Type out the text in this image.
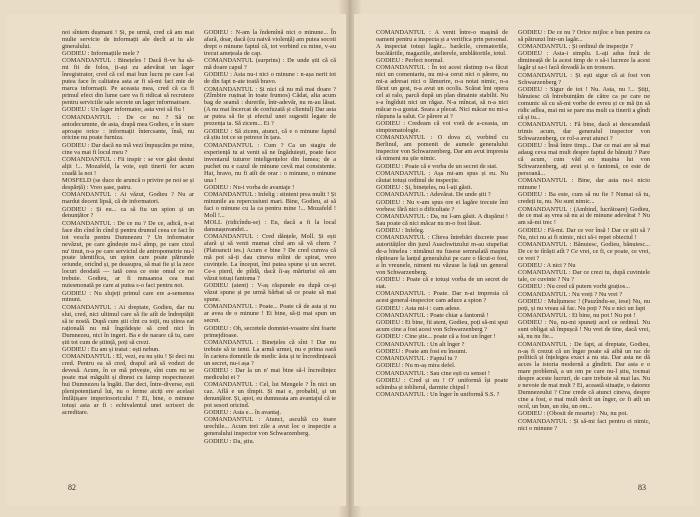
noi sîntem dușmani ! Și, pe urmă, cred că am mai multe servicie de informații ale decît ai tu ale gineralului.

GODIEU : Informațiile mele ?

COMANDANTUL : Binețeles ! Dacă fi-ve ha să-mi fii de folos, ți-ași zu adevărat un lager înregistrator, cred că cel mai bun lucru pe care l-ai putea face în calitatea asta ar fi să-mi faci mie de marca informații. Pe aceasta mea, cred că ca fi primul efect din lume care va fi ridicat să recruteze pentru serviciile sale secrete un lager informatoare.

GODIEU : Un lager informator, asta vrei să fiu !

COMANDANTUL : De ce nu ? Să ne antodecumnte, de asta, drapă mea Godieu, e în stare aproape orice : informații întercsante, însă, nu oricine nu poate furniza.

GODIEU : Dar dacă nu mă vezi împușcăm pe mine, cine va mai fi locul meu ?

COMANDANTUL : Fii inspir : se vor găsi destui alții !... Mozafeld, la voie, ești tinerii fer acum coadă la noi !

MOSFELD (se duce de aruncă o privire pe noi se și despărță) : Vreo șase, patru.

COMANDANTUL : Ai văzut, Godieu ? Nu ar mardut decent lipsă, că de informatori.

GODIEU : Și eu... ca să fiu un spion și un denunțător ?

COMANDANTUL : De ce nu ? De ce, adică, n-ai face din cînd în cînd ți pentru drumul ceea ce faci în tot vesclu pentru Dumnezeu ? Un informator nevăzut, pe care gîndește nu-l aîmp, pe care cizul nu' tinut, n-a pe care serviciul de antropometrie nu-l poate identifica, un spion care poate pătrunde oriunde, oricînd și, pe deasupra, să mai fie și la zece locuri deodată — iată ceea ce este omul ce ne trebuie. Godieu, ar fi mmaanoa cea mai nuiesmonată pe care ai putea s-o faci pentru noi.

GODIEU : Nu slujeți primul care ere a-semenea minuni.

COMANDANTUL : Ai dreptate, Godieu, dar nu slut, cred, nici ultimul care să fie atît de îndreptățit să te nostă. După cum știi cînt cu toții, nu știrea eat rațională nu mă îngrădește să cred nici în Dumnezeu, nici în ingeri. Ba e de narare că tu, care știi tot cum de știință, poți să crezi.

GODIEU : Eu am și tratat : ești nebun.

COMANDANTUL : El, vezi, eu nu știu ! Și deci nu cred. Pentru ea să cred, drapul ară să vodezi de devesă. Acum, în ce mă privește, sînt cum nu se poate mai măgulit și dinnst cu faimp respectuozei hui Dumnezeu la îngăti. Dar deci, între-diverse, ești plenipotențiarul lui, nu o ferme aiciți ere același îmfățișare imperiosoricului ? Ei, bine, o minune totuși asta ar fi : echivalentul unei scrisori de acreditare.

GODIEU : N-am la îndemînă nici o minune... În afară, doar, dacă (cu naivă violență) am putea socoti drept o minune faptul că, tot vorbind cu mine, v-au trecut amețeala de cap.

COMANDANTUL (surprins) : De unde știi că că mă doare capul ?

GODIEU : Asta nu-i nici o minune : n-așa nerit tot de din fapt n-ate toată bravo.

COMANDANTUL : Și nici că nu mă mai doare ? (Zîmbire rușinat în toate frumos) Cădat, alta acum bag de seamă : durerile, într-adevăr, nu m-au lăsat. (A nu mai încercat de confuzată și clientul) Dar asta ar putea să fie și efectul unei sugestii legate de prezența ta. Să zicem... Ei ?

GODIEU : Să zicem, atunci, că e o minune faptul că știu tot ce se petrece în țara.

COMANDANTUL : Cum ? Ca un stagiu de experiență tu ai venit să ne îngăduiești, poate face inventarul tuturor inteligențelor din lumea; de a puchet nu e cazul de minune cevă mai consistente. Hai, bravo, nu fi atît de orar : o minune, o minune una !

GODIEU : Nu-i vorba de avantaje !

COMANDANTUL : Infelig : stinteni prea multi ! Și minunile au repercusiuni mari. Bine, Godieu, ai să faci o minune cu la ca pentru mine !... Mozafeld ! Moll !...

MOLL (ridicîndu-se) : Eu, dacă a fi la local dansnașuvandei...

COMANDANTUL : Cred dănțele, Moll. Și ești afară și să venii mumai cînd am să vă chem ? (Platoancii ies.) Acum e bine ? De cred cumva că mă pot să-ți dau cineva mîini de spirat, vreo cuvințele. La început, îmi putea spune și un secret. Ce-s pierd, de pildă, dacă îi-aș mărturisi eă am văzut totuși fantoma ?

GODIEU (atent) : V-aș răspunde eu după ce-și văzut spune și pe urmă bărbat să ce poate să mai spune.

COMANDANTUL : Poate... Poate că de asta și nu ar avea de o minune ! Ei bine, să-ți mai spun un secret.

GODIEU : Oh, secretele domniei-voastre sînt foarte primejdioase.

COMANDANTUL : Binețeles că sînt ! Dar nu trebuie să te temi. La armă urmei, nu e prima oară în cariera domniile de medic ăsta și te încredințează un secret, nu-i așa ?

GODIEU : Dar la un n' mai bine să-l încredințez medicului ei ?

COMANDANTUL : Cel, lui Mengele ? În nici un caz. Află e un tîmpit. Și mai e, probabil, și un denunțător. Și, apoi, eu dumneata am avantajul că te pot sesori oricind.

GODIEU : Asta e... în avantaj.

COMANDANTUL : Atunci, ascultă cu toare urechile... Acum trei zile a avut loc o inspecție a generalului inspector von Schwarzenberg.

GODIEU : Da, știu.

82

COMANDANTUL : A venit între-o mașină de oameni pentru a inspecta și a veriifica prin personal. A inspectat totuși lagăr... barăcile, crematoriile, bucătăriile, magaziile, atelierele, umblătoriile, totul.

GODIEU : Perfect normal.

COMANDANTUL : În tot acest răstimp n-a făcut nici un comentariu, nu mi-a cerut nici o părere, nu mi-a adresat nici o lămurire, n-a notat nimic, n-a făcut un gest, n-a avut un ocolis. Scărat îmi opera cel ai ralo, parcă după un plan dinainte stabilit. Nu s-a îngîduit nici un răgaz. N-a mîncat, să n-a nici măcar n-a gustat. Seara a plecat. Nici măcar nu mi-a răspuns la salut. Ce părere ai ?

GODIEU : Credeam că voi voră de a-ceasta, un simptomatologie.

COMANDANTUL : O dova zi, vorbind cu Berlinul, am pomenit de aumele generalului inspector von Schwarzenberg. Dar am avut impresia că nimeni nu știe nimic.

GODIEU : Poate că e vorba de un secret de stat.

COMANDANTUL : Așa mi-am spus și eu. Nu căutat totuși ordinul de inspecție.

GODIEU : Și, binețeles, nu l-ați găsit.

COMANDANTUL : Adevărat. De unde știi ?

GODIEU : Nu v-am spus ore ei lagăre trecute îmi vorbesc fără nici o dificultate ?

COMANDANTUL : Da, nu l-am găsit. A dispărut ! Sau poate că nici măcar nu m-o fost lăsat.

GODIEU : Infeleg.

COMANDANTUL : Cîteva întrebări discrete puse autorităților din jurul Auschwitzului m-au stupefiat de-a binelea : nimănui nu fusese semnalată mașina răpitoare la lanțul generalului pe care o făcut-o fost, a în vreunele, nimeni nu văzuse la față un general von Schwarzenberg.

GODIEU : Poate că e totuși vorba de un secret de stat.

COMANDANTUL : Poate. Dar n-ai impresia că acest general-inspector cam aduce a spion ?

GODIEU : Asta mi-i : cam adese.

COMANDANTUL : Poate chiar a fantomă !

GODIEU : Ei bine, fii atent, Godieu, poți să-mi spui acum cine a fost acest von Schwarzenberg ?

GODIEU : Cine știe... poate că a fost un înger !

COMANDANTUL : Un alt înger ?

GODIEU : Poate am fost eu însumi.

COMANDANTUL : Faptul tu ?

GODIEU : Nu m-aș mira defel.

COMANDANTUL : Sau cine ești cu sensei !

GODIEU : Cred și eu ! O' uniformă își poate schimba și toblierul, darmite chipul !

COMANDANTUL : Un înger în uniformă S.S. ?

GODIEU : De ce nu ? Orice mijloc e bun pentru ca să pătrunzi într-un lagăr...

COMANDANTUL : Și ordinul de inspecție ?

GODIEU : Asta-i simplu. L-ați adus încă de dimineață de la acest timp de o să-i lucreze la acest lagăr și sa-i facă dovadă la un tronson.

COMANDANTUL : Și ești sigur că ai fost von Schwarzenberg ?

GODIEU : Sigur de tot ! Nu. Asta, nu !... Știți, bănuiesc că întrebuințăm de către ca pe care ne comunic să cu să-mi vorbe de evreu și ce mă țin să ridic adlea, mai mi se pare ma mult ca tinerii a gîndi că și tu...

COMANDANTUL : Fă bine, dacă ai deocamdată trimis acum, dar generalul inspector von Schwarzenberg, ce rol-a avut atunci ?

GODIEU : Însă între timp... Dar ce mai are să mai adaug ceva mai mult despre faptul de bănuiți ? Pare că acum, cum văd eu mașina lui von Schwarzenberg, ați avut și o fantomă, ce este de persoană...

COMANDANTUL : Bine, dar asta nu-i nicio minune !

GODIEU : Ba este, cum să nu fie ? Numai că tu, credeți tu, nu. Nu sunt nimic...

COMANDANTUL : (Ambind, lucrătoare) Godieu, de ce mai aș vrea să nu ai de minune adevărat ? Nu am să-mi trec !

GODIEU : Fă-mi. Dar ce vor însă ! Dar ce știi să ? Nu, nici nu ai fi nimic, nici să-i repet obiectul !

COMANDANTUL : Bănuiesc, Godieu, bănuiesc... De ce te tîrăști atît ? Ce vrei, ce fi, ce poate, ce vrei, ce vrei ?

GODIEU : A nici ? Nu

COMANDANTUL : Dar ce crezi tu, după cuvintele tale, ce cuvinte ? Nu ?

GODIEU : Nu cred că putem vorbi grațios...

COMANDANTUL : Nu vreți ? Nu vrei ?

GODIEU : Mulțumesc ! (Pauzîndu-se, iese) Nu, nu poți, și nu vreau să fac. Nu poți ? Nu e nici un fapt

COMANDANTUL : Ei bine, nu pot ! Nu pot !

GODIEU : Nu, nu-mi spuneți acel ce ordinul. Nu sunt obligat să împușcă ! Nu vrei de tine, dacă vrei, să, nu nu fie...

COMANDANTUL : De fapt, ai dreptate, Godieu, n-aș fi crezut că un înger poate să aibă un rac de politică și înțelegea exact a nu sta. Dar asta ne dă acces la istoria modernă a gîndirii. Dar asta e o mare problemă, a un om pe care nu-l știu, tocmai despre aceste lucruri, de care trebuie să mai las. Nu e nevoie de mai mult ? Ei, această situație, o datorez Dumnezeului ? Cine crede că atunci cineva, despre cine a fost, e mai mult decît un înger, ce fi atît un ocol, un bun, un rău, un om...

GODIEU : (Obosit de moarte) : Nu, nu pot.

COMANDANTUL : Și să-mi faci pentru ei nimic, nici o minune ?

83
